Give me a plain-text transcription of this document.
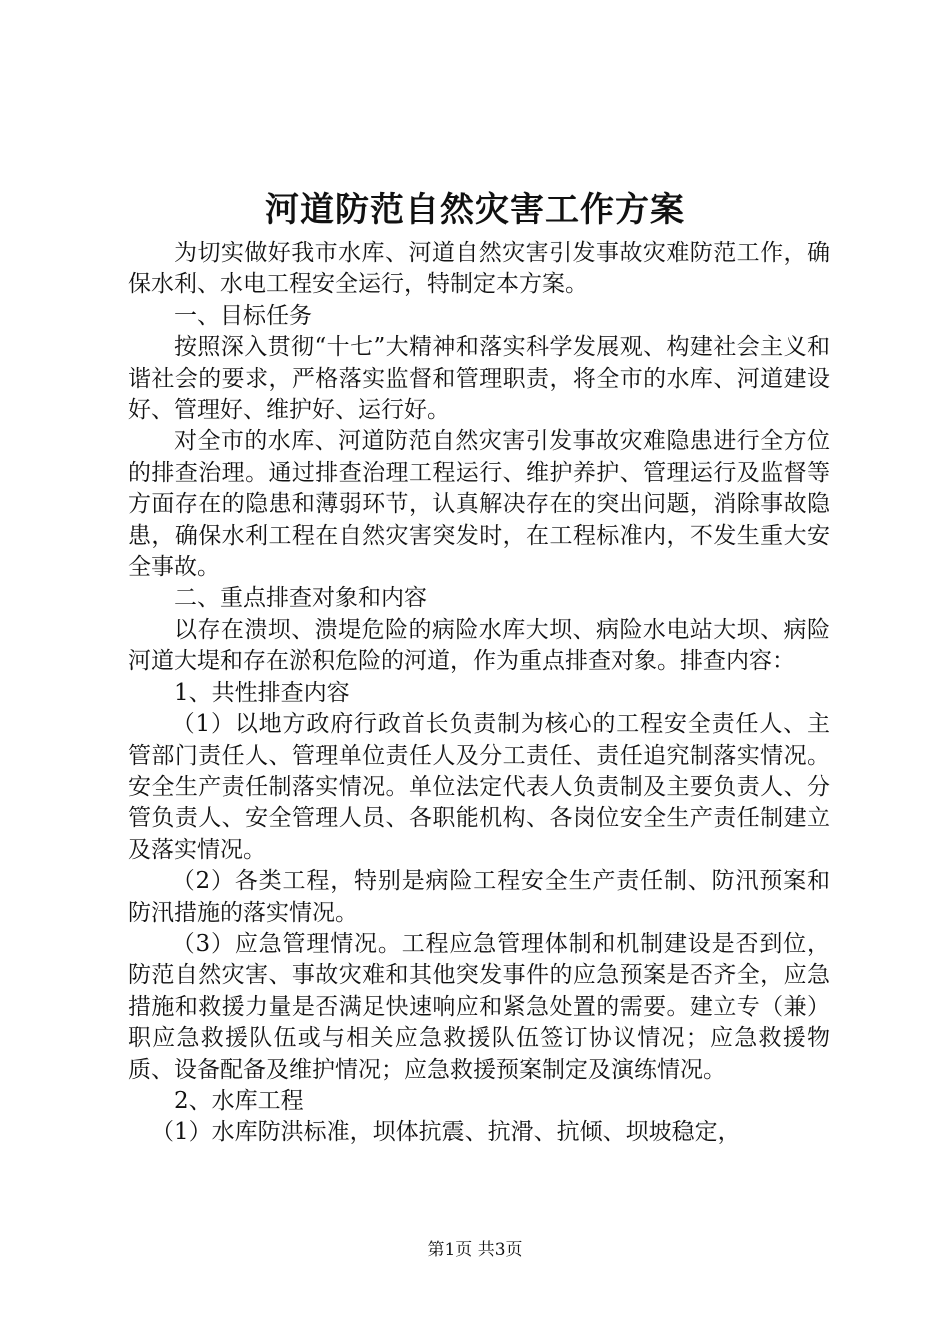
河道防范自然灾害工作方案

为切实做好我市水库、河道自然灾害引发事故灾难防范工作，确保水利、水电工程安全运行，特制定本方案。

一、目标任务

按照深入贯彻“十七”大精神和落实科学发展观、构建社会主义和谐社会的要求，严格落实监督和管理职责，将全市的水库、河道建设好、管理好、维护好、运行好。

对全市的水库、河道防范自然灾害引发事故灾难隐患进行全方位的排查治理。通过排查治理工程运行、维护养护、管理运行及监督等方面存在的隐患和薄弱环节，认真解决存在的突出问题，消除事故隐患，确保水利工程在自然灾害突发时，在工程标准内，不发生重大安全事故。

二、重点排查对象和内容

以存在溃坝、溃堤危险的病险水库大坝、病险水电站大坝、病险河道大堤和存在淤积危险的河道，作为重点排查对象。排查内容：

1、共性排查内容

（1）以地方政府行政首长负责制为核心的工程安全责任人、主管部门责任人、管理单位责任人及分工责任、责任追究制落实情况。安全生产责任制落实情况。单位法定代表人负责制及主要负责人、分管负责人、安全管理人员、各职能机构、各岗位安全生产责任制建立及落实情况。

（2）各类工程，特别是病险工程安全生产责任制、防汛预案和防汛措施的落实情况。

（3）应急管理情况。工程应急管理体制和机制建设是否到位，防范自然灾害、事故灾难和其他突发事件的应急预案是否齐全，应急措施和救援力量是否满足快速响应和紧急处置的需要。建立专（兼）职应急救援队伍或与相关应急救援队伍签订协议情况；应急救援物质、设备配备及维护情况；应急救援预案制定及演练情况。

2、水库工程

（1）水库防洪标准，坝体抗震、抗滑、抗倾、坝坡稳定，

第1页 共3页
